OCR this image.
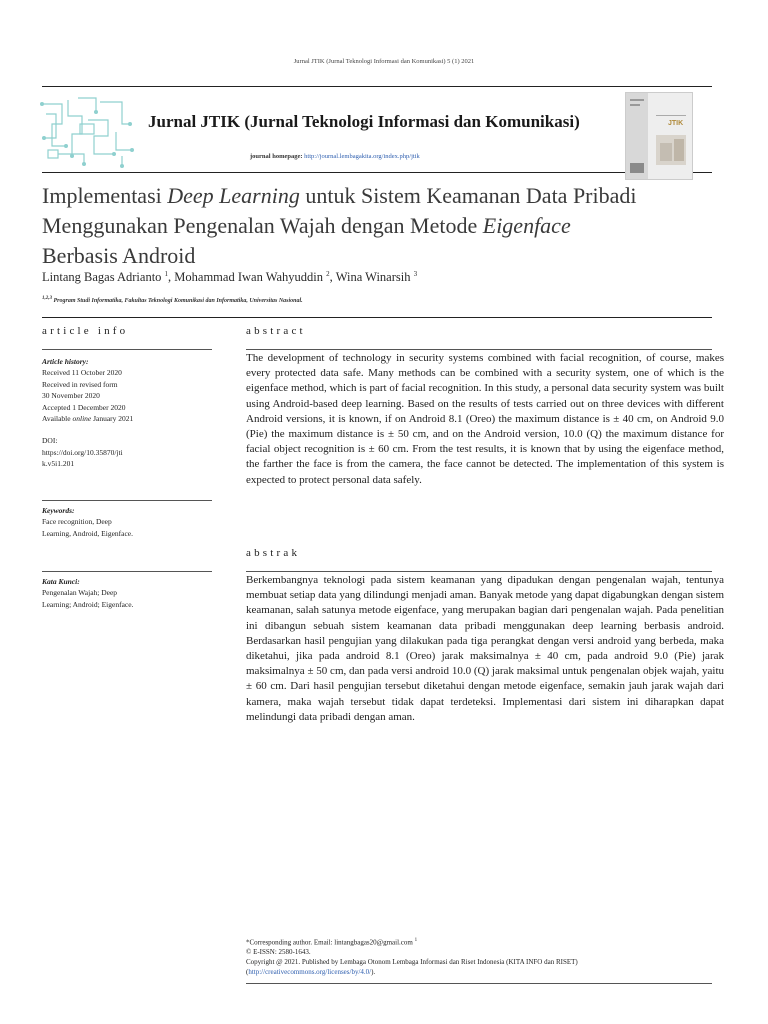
Jurnal JTIK (Jurnal Teknologi Informasi dan Komunikasi) 5 (1) 2021
Jurnal JTIK (Jurnal Teknologi Informasi dan Komunikasi)
journal homepage: http://journal.lembagakita.org/index.php/jtik
JTIK
Implementasi Deep Learning untuk Sistem Keamanan Data Pribadi Menggunakan Pengenalan Wajah dengan Metode Eigenface
Berbasis Android
Lintang Bagas Adrianto $^1$, Mohammad Iwan Wahyuddin $^2$, Wina Winarsih $^3$
$^{1,2,3}$ Program Studi Informatika, Fakultas Teknologi Komunikasi dan Informatika, Universitas Nasional.
article info	abstract
Article history:
Received 11 October 2020
Received in revised form
30 November 2020
Accepted 1 December 2020
Available online January 2021
DOI:
https://doi.org/10.35870/jti
k.v5i1.201
Keywords:
Face recognition, Deep
Learning, Android, Eigenface.
Kata Kunci:
Pengenalan Wajah; Deep
Learning; Android; Eigenface.
The development of technology in security systems combined with facial recognition, of course, makes every protected data safe. Many methods can be combined with a security system, one of which is the eigenface method, which is part of facial recognition. In this study, a personal data security system was built using Android-based deep learning. Based on the results of tests carried out on three devices with different Android versions, it is known, if on Android 8.1 (Oreo) the maximum distance is ± 40 cm, on Android 9.0 (Pie) the maximum distance is ± 50 cm, and on the Android version, 10.0 (Q) the maximum distance for facial object recognition is ± 60 cm. From the test results, it is known that by using the eigenface method, the farther the face is from the camera, the face cannot be detected. The implementation of this system is expected to protect personal data safely.
abstrak
Berkembangnya teknologi pada sistem keamanan yang dipadukan dengan pengenalan wajah, tentunya membuat setiap data yang dilindungi menjadi aman. Banyak metode yang dapat digabungkan dengan sistem keamanan, salah satunya metode eigenface, yang merupakan bagian dari pengenalan wajah. Pada penelitian ini dibangun sebuah sistem keamanan data pribadi menggunakan deep learning berbasis android. Berdasarkan hasil pengujian yang dilakukan pada tiga perangkat dengan versi android yang berbeda, maka diketahui, jika pada android 8.1 (Oreo) jarak maksimalnya ± 40 cm, pada android 9.0 (Pie) jarak maksimalnya ± 50 cm, dan pada versi android 10.0 (Q) jarak maksimal untuk pengenalan objek wajah, yaitu ± 60 cm. Dari hasil pengujian tersebut diketahui dengan metode eigenface, semakin jauh jarak wajah dari kamera, maka wajah tersebut tidak dapat terdeteksi. Implementasi dari sistem ini diharapkan dapat melindungi data pribadi dengan aman.
*Corresponding author. Email: lintangbagas20@gmail.com $^1$
© E-ISSN: 2580-1643.
Copyright @ 2021. Published by Lembaga Otonom Lembaga Informasi dan Riset Indonesia (KITA INFO dan RISET)
(http://creativecommons.org/licenses/by/4.0/).
